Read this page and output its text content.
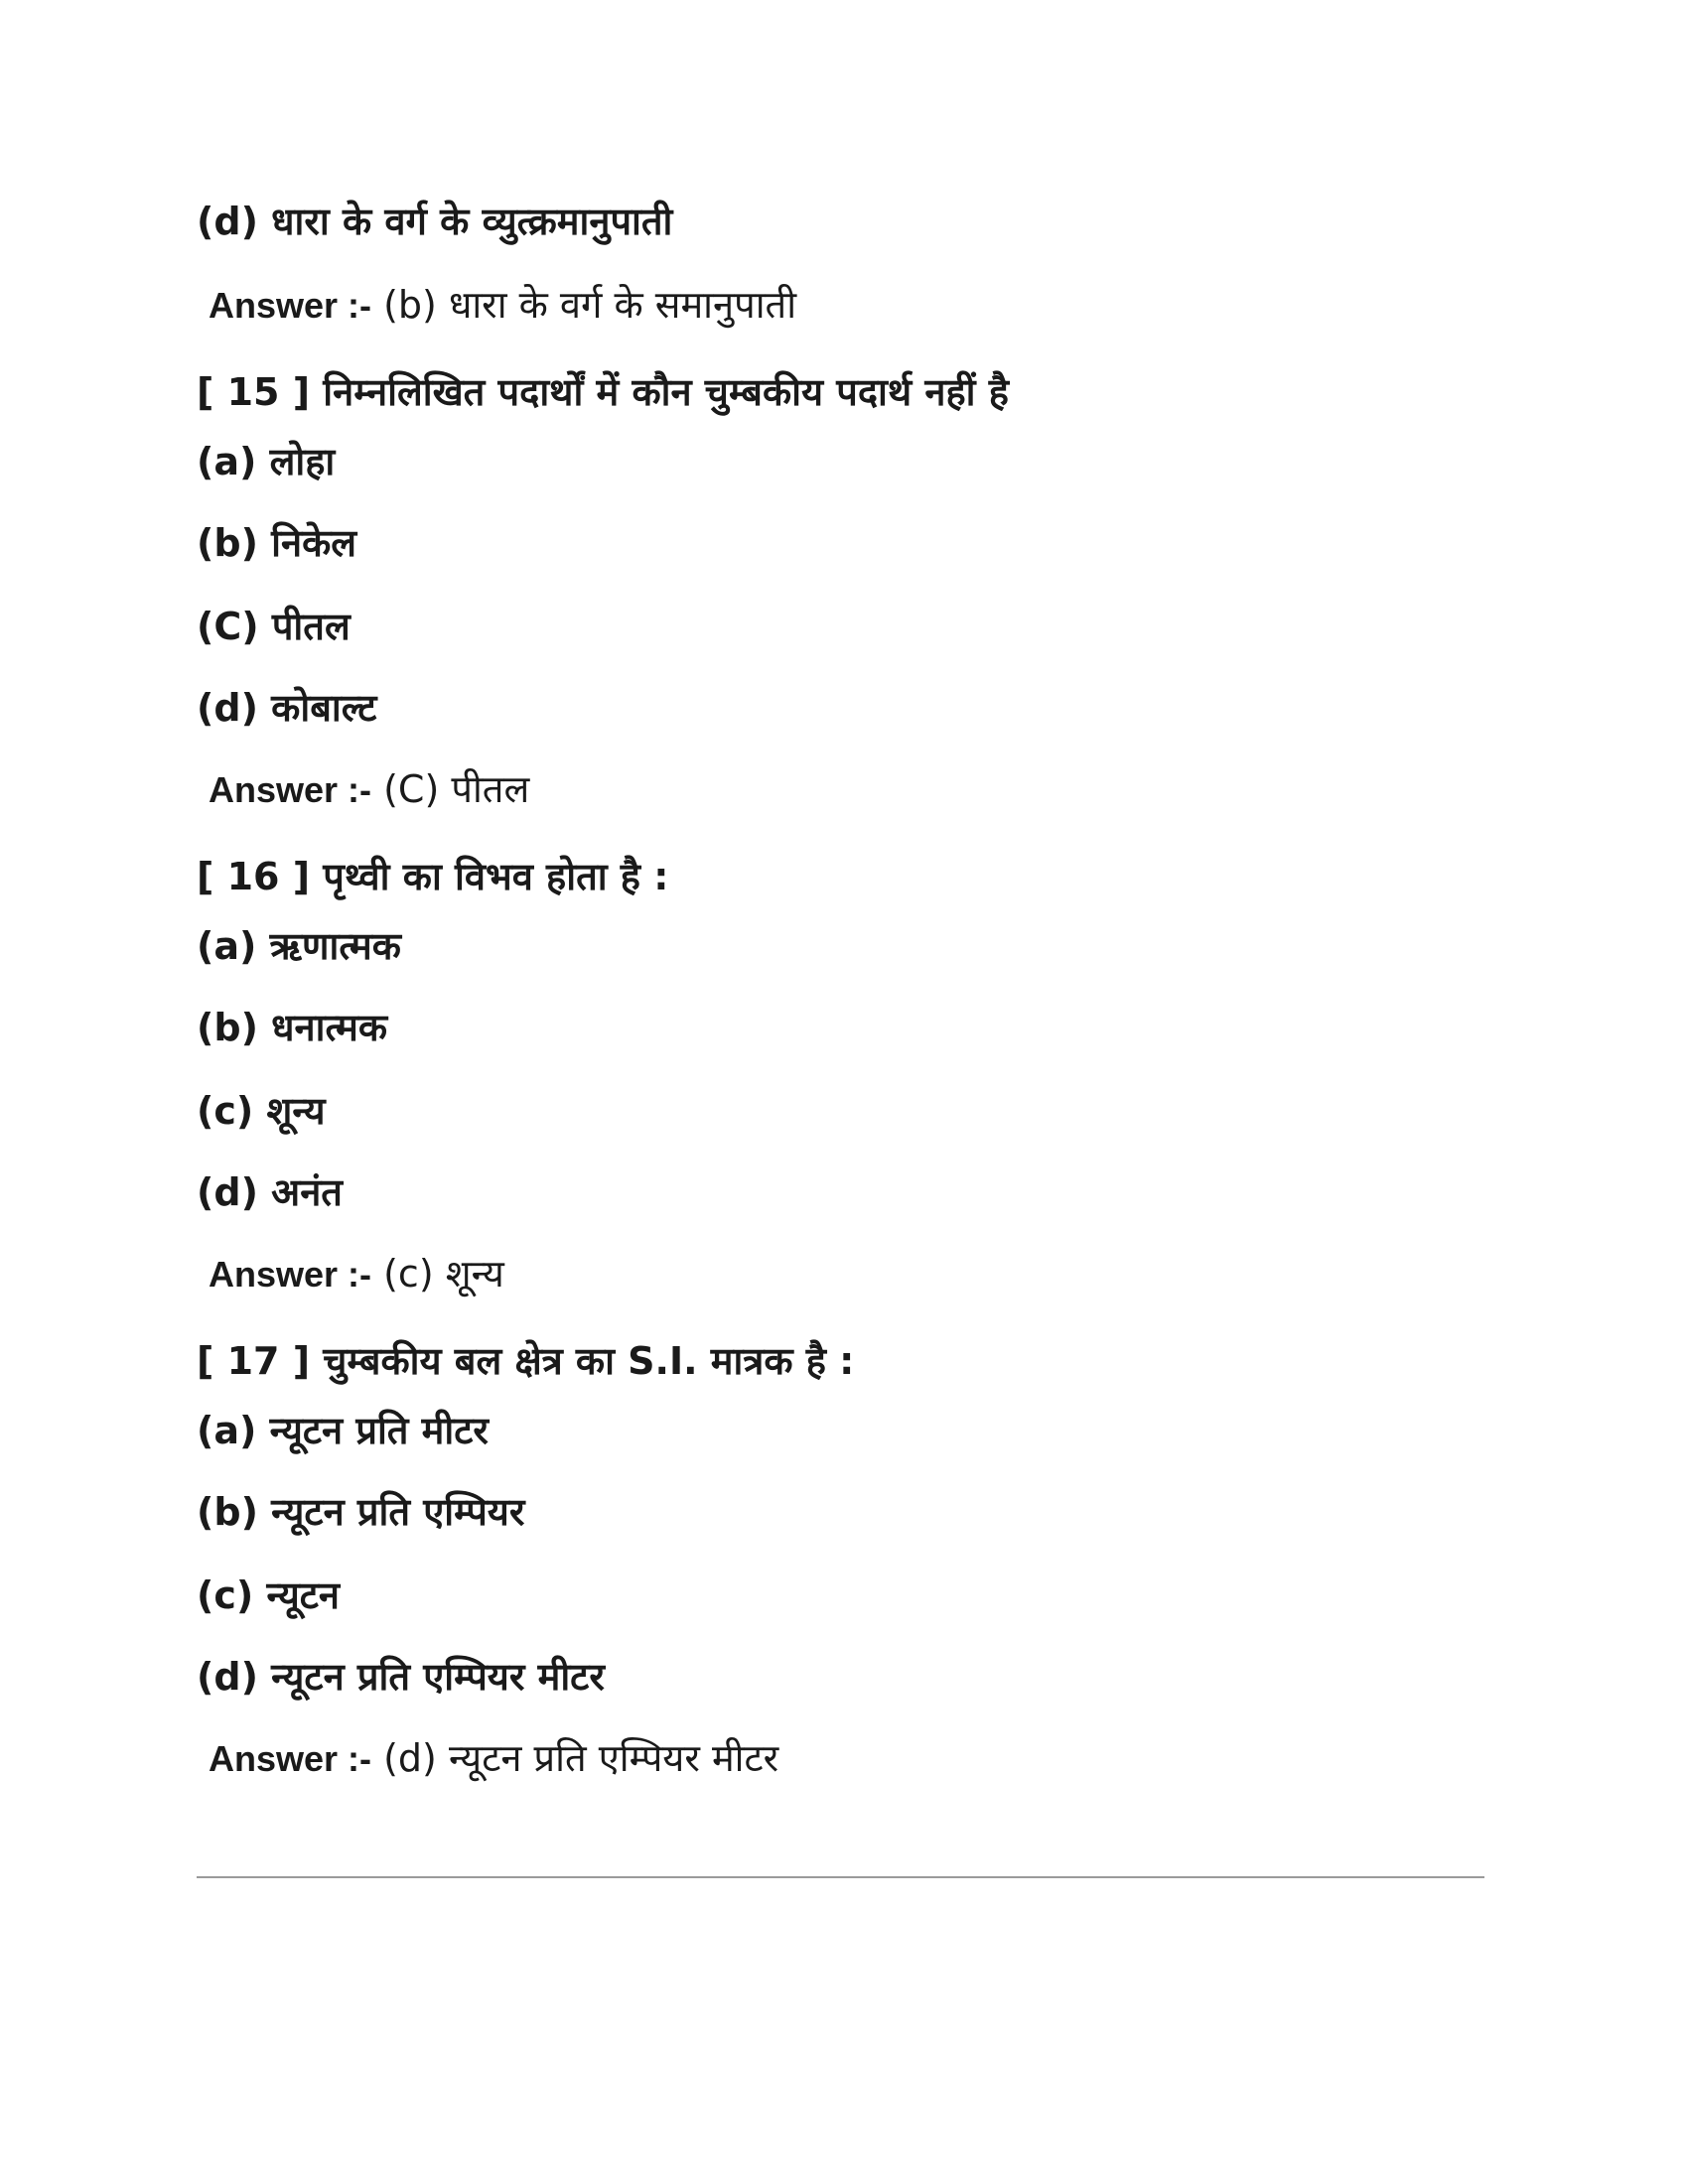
(d) धारा के वर्ग के व्युत्क्रमानुपाती
Answer :- (b) धारा के वर्ग के समानुपाती
[ 15 ] निम्नलिखित पदार्थों में कौन चुम्बकीय पदार्थ नहीं है
(a) लोहा
(b) निकेल
(C) पीतल
(d) कोबाल्ट
Answer :- (C) पीतल
[ 16 ] पृथ्वी का विभव होता है :
(a) ऋणात्मक
(b) धनात्मक
(c) शून्य
(d) अनंत
Answer :- (c) शून्य
[ 17 ] चुम्बकीय बल क्षेत्र का S.I. मात्रक है :
(a) न्यूटन प्रति मीटर
(b) न्यूटन प्रति एम्पियर
(c) न्यूटन
(d) न्यूटन प्रति एम्पियर मीटर
Answer :- (d) न्यूटन प्रति एम्पियर मीटर
